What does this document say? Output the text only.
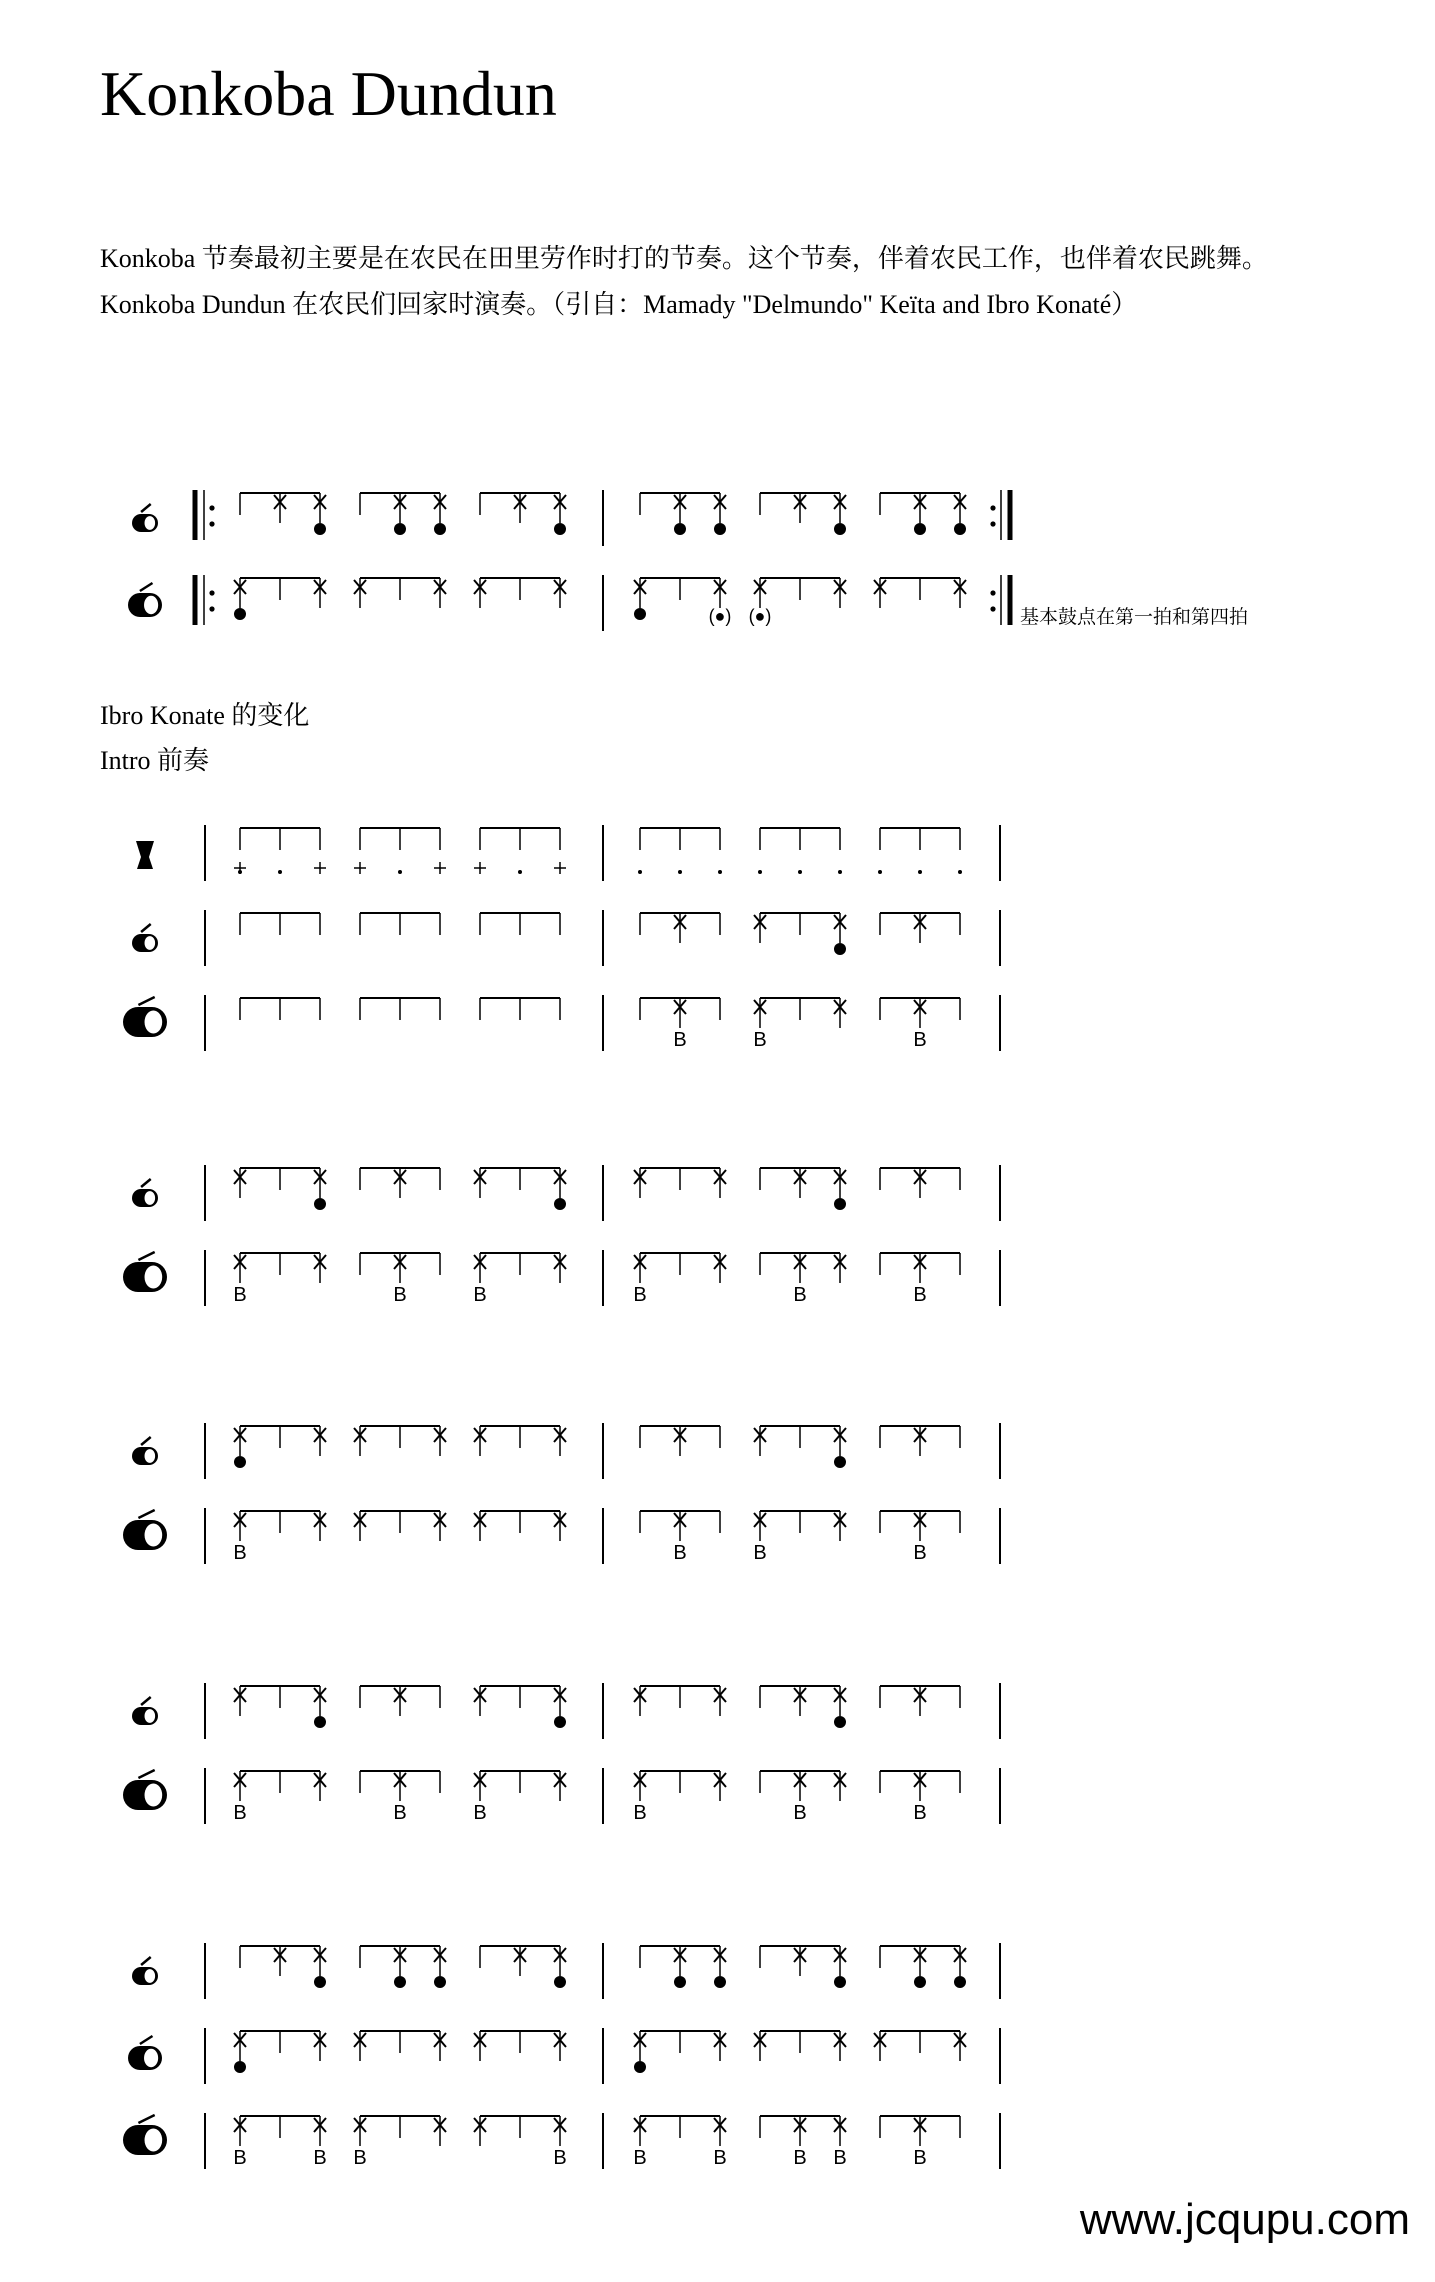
Konkoba Dundun
Konkoba 节奏最初主要是在农民在田里劳作时打的节奏。这个节奏，伴着农民工作，也伴着农民跳舞。Konkoba Dundun 在农民们回家时演奏。（引自：Mamady "Delmundo" Keïta and Ibro Konaté）
Ibro Konate 的变化
Intro 前奏
(●) (●)	基本鼓点在第一拍和第四拍
B	B	B
B	B	B	B	B	B
B	B	B	B
B	B	B	B	B	B
B	B B	B	B	B	B B	B
www.jcqupu.com
